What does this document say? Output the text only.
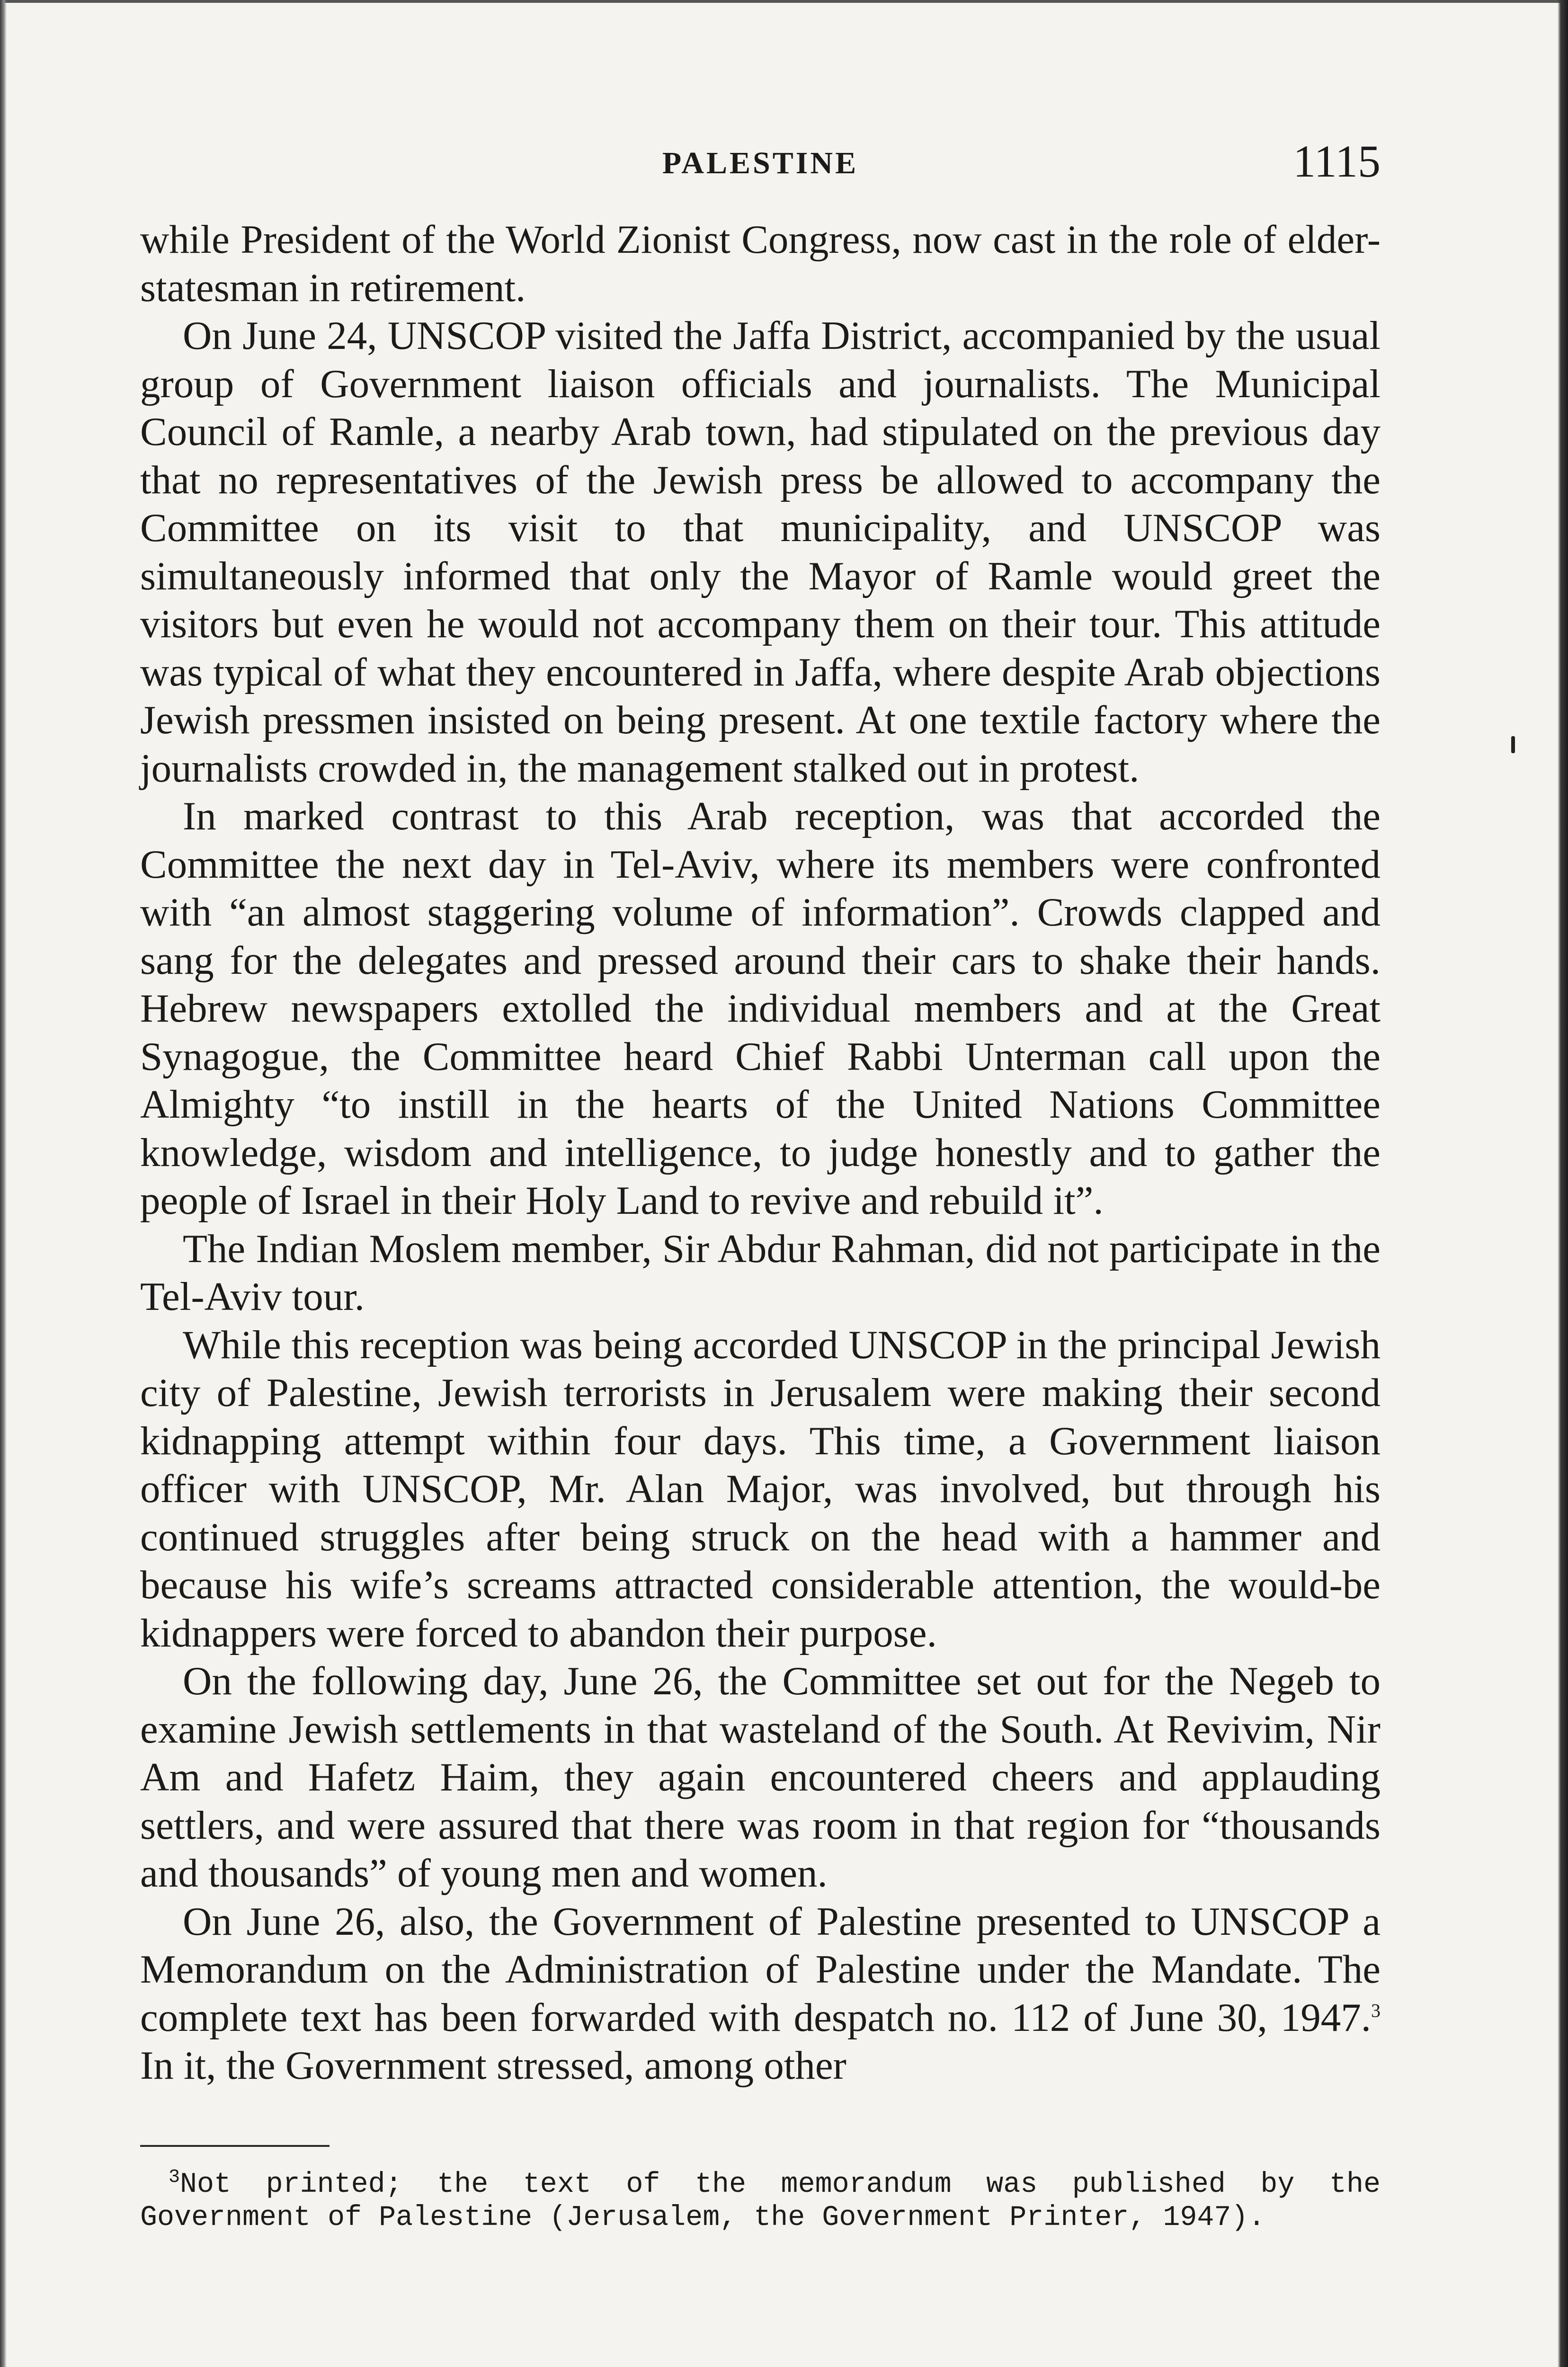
PALESTINE	1115

while President of the World Zionist Congress, now cast in the role of elder-statesman in retirement.

On June 24, UNSCOP visited the Jaffa District, accompanied by the usual group of Government liaison officials and journalists. The Municipal Council of Ramle, a nearby Arab town, had stipulated on the previous day that no representatives of the Jewish press be allowed to accompany the Committee on its visit to that municipality, and UNSCOP was simultaneously informed that only the Mayor of Ramle would greet the visitors but even he would not accompany them on their tour. This attitude was typical of what they encountered in Jaffa, where despite Arab objections Jewish pressmen insisted on being present. At one textile factory where the journalists crowded in, the management stalked out in protest.

In marked contrast to this Arab reception, was that accorded the Committee the next day in Tel-Aviv, where its members were confronted with “an almost staggering volume of information”. Crowds clapped and sang for the delegates and pressed around their cars to shake their hands. Hebrew newspapers extolled the individual members and at the Great Synagogue, the Committee heard Chief Rabbi Unterman call upon the Almighty “to instill in the hearts of the United Nations Committee knowledge, wisdom and intelligence, to judge honestly and to gather the people of Israel in their Holy Land to revive and rebuild it”.

The Indian Moslem member, Sir Abdur Rahman, did not participate in the Tel-Aviv tour.

While this reception was being accorded UNSCOP in the principal Jewish city of Palestine, Jewish terrorists in Jerusalem were making their second kidnapping attempt within four days. This time, a Government liaison officer with UNSCOP, Mr. Alan Major, was involved, but through his continued struggles after being struck on the head with a hammer and because his wife’s screams attracted considerable attention, the would-be kidnappers were forced to abandon their purpose.

On the following day, June 26, the Committee set out for the Negeb to examine Jewish settlements in that wasteland of the South. At Revivim, Nir Am and Hafetz Haim, they again encountered cheers and applauding settlers, and were assured that there was room in that region for “thousands and thousands” of young men and women.

On June 26, also, the Government of Palestine presented to UNSCOP a Memorandum on the Administration of Palestine under the Mandate. The complete text has been forwarded with despatch no. 112 of June 30, 1947.$^3$ In it, the Government stressed, among other

$^3$Not printed; the text of the memorandum was published by the Government of Palestine (Jerusalem, the Government Printer, 1947).
